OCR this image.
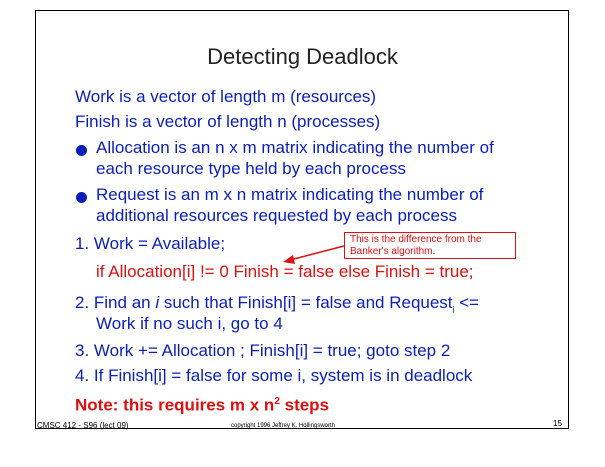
Detecting Deadlock
Work is a vector of length m (resources)
Finish is a vector of length n (processes)
Allocation is an n x m matrix indicating the number of
each resource type held by each process
Request is an m x n matrix indicating the number of
additional resources requested by each process
1. Work = Available;	This is the difference from the Banker's algorithm.
if Allocation[i] != 0 Finish = false else Finish = true;
2. Find an i such that Finish[i] = false and Request$_i$ <=
Work if no such i, go to 4
3. Work += Allocation ; Finish[i] = true; goto step 2
4. If Finish[i] = false for some i, system is in deadlock
Note: this requires m x $n^2$ steps
CMSC 412 - S96 (lect 09)	copyright 1996 Jeffrey K. Hollingsworth	15
